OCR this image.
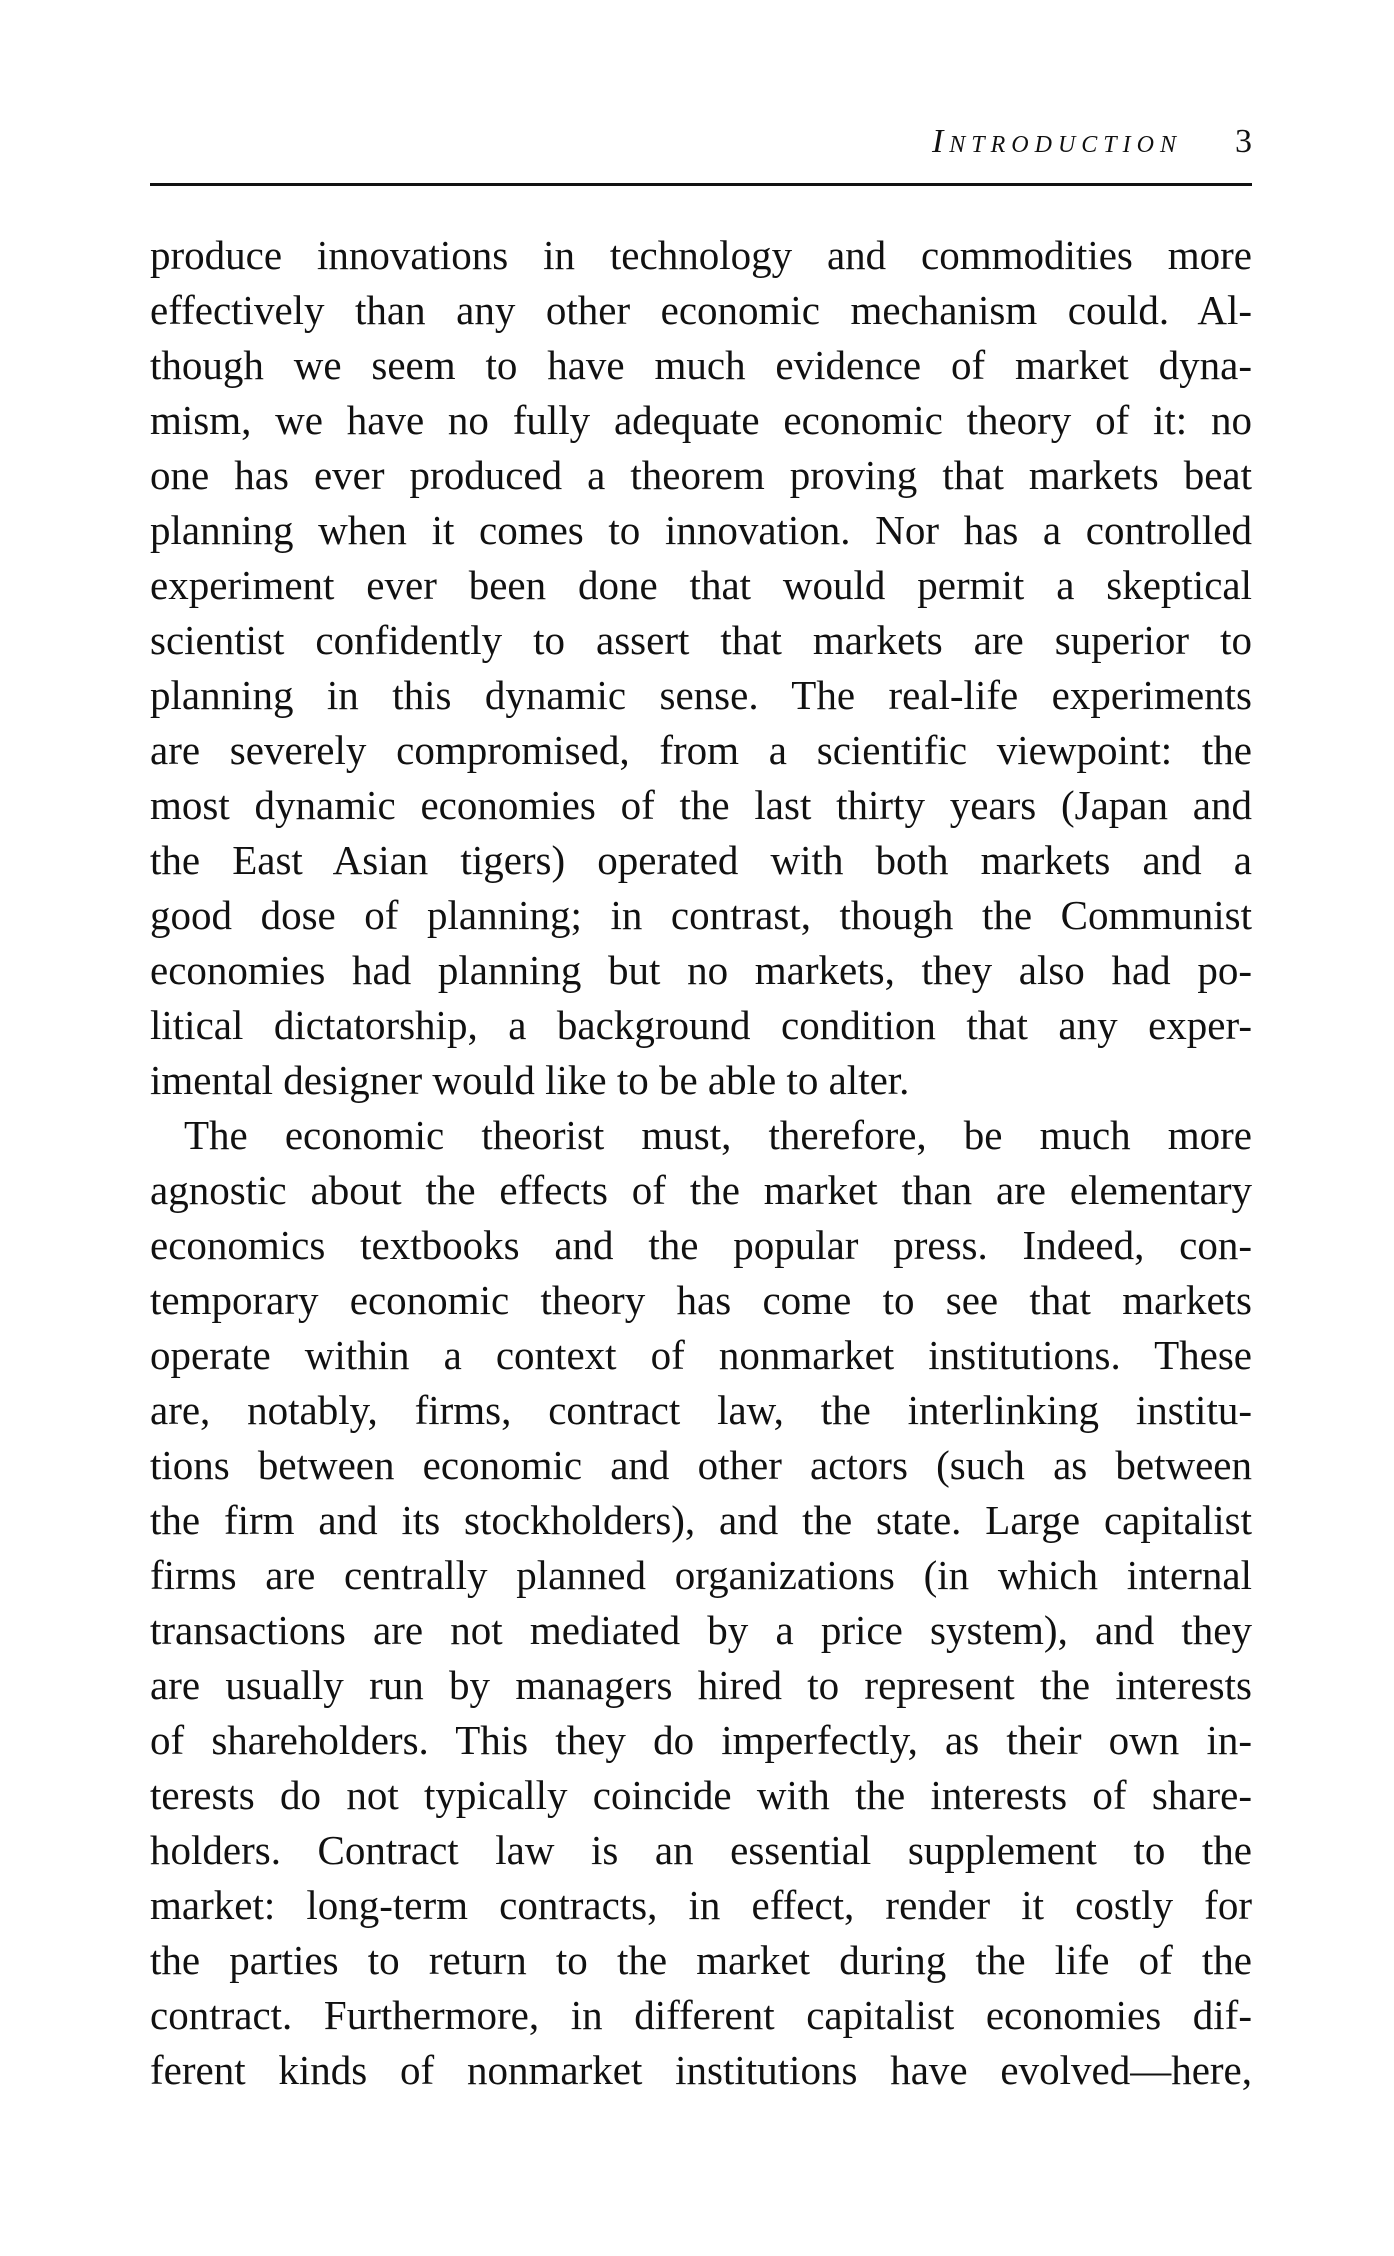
Introduction 3
produce innovations in technology and commodities more
effectively than any other economic mechanism could. Al-
though we seem to have much evidence of market dyna-
mism, we have no fully adequate economic theory of it: no
one has ever produced a theorem proving that markets beat
planning when it comes to innovation. Nor has a controlled
experiment ever been done that would permit a skeptical
scientist confidently to assert that markets are superior to
planning in this dynamic sense. The real-life experiments
are severely compromised, from a scientific viewpoint: the
most dynamic economies of the last thirty years (Japan and
the East Asian tigers) operated with both markets and a
good dose of planning; in contrast, though the Communist
economies had planning but no markets, they also had po-
litical dictatorship, a background condition that any exper-
imental designer would like to be able to alter.
The economic theorist must, therefore, be much more
agnostic about the effects of the market than are elementary
economics textbooks and the popular press. Indeed, con-
temporary economic theory has come to see that markets
operate within a context of nonmarket institutions. These
are, notably, firms, contract law, the interlinking institu-
tions between economic and other actors (such as between
the firm and its stockholders), and the state. Large capitalist
firms are centrally planned organizations (in which internal
transactions are not mediated by a price system), and they
are usually run by managers hired to represent the interests
of shareholders. This they do imperfectly, as their own in-
terests do not typically coincide with the interests of share-
holders. Contract law is an essential supplement to the
market: long-term contracts, in effect, render it costly for
the parties to return to the market during the life of the
contract. Furthermore, in different capitalist economies dif-
ferent kinds of nonmarket institutions have evolved—here,
